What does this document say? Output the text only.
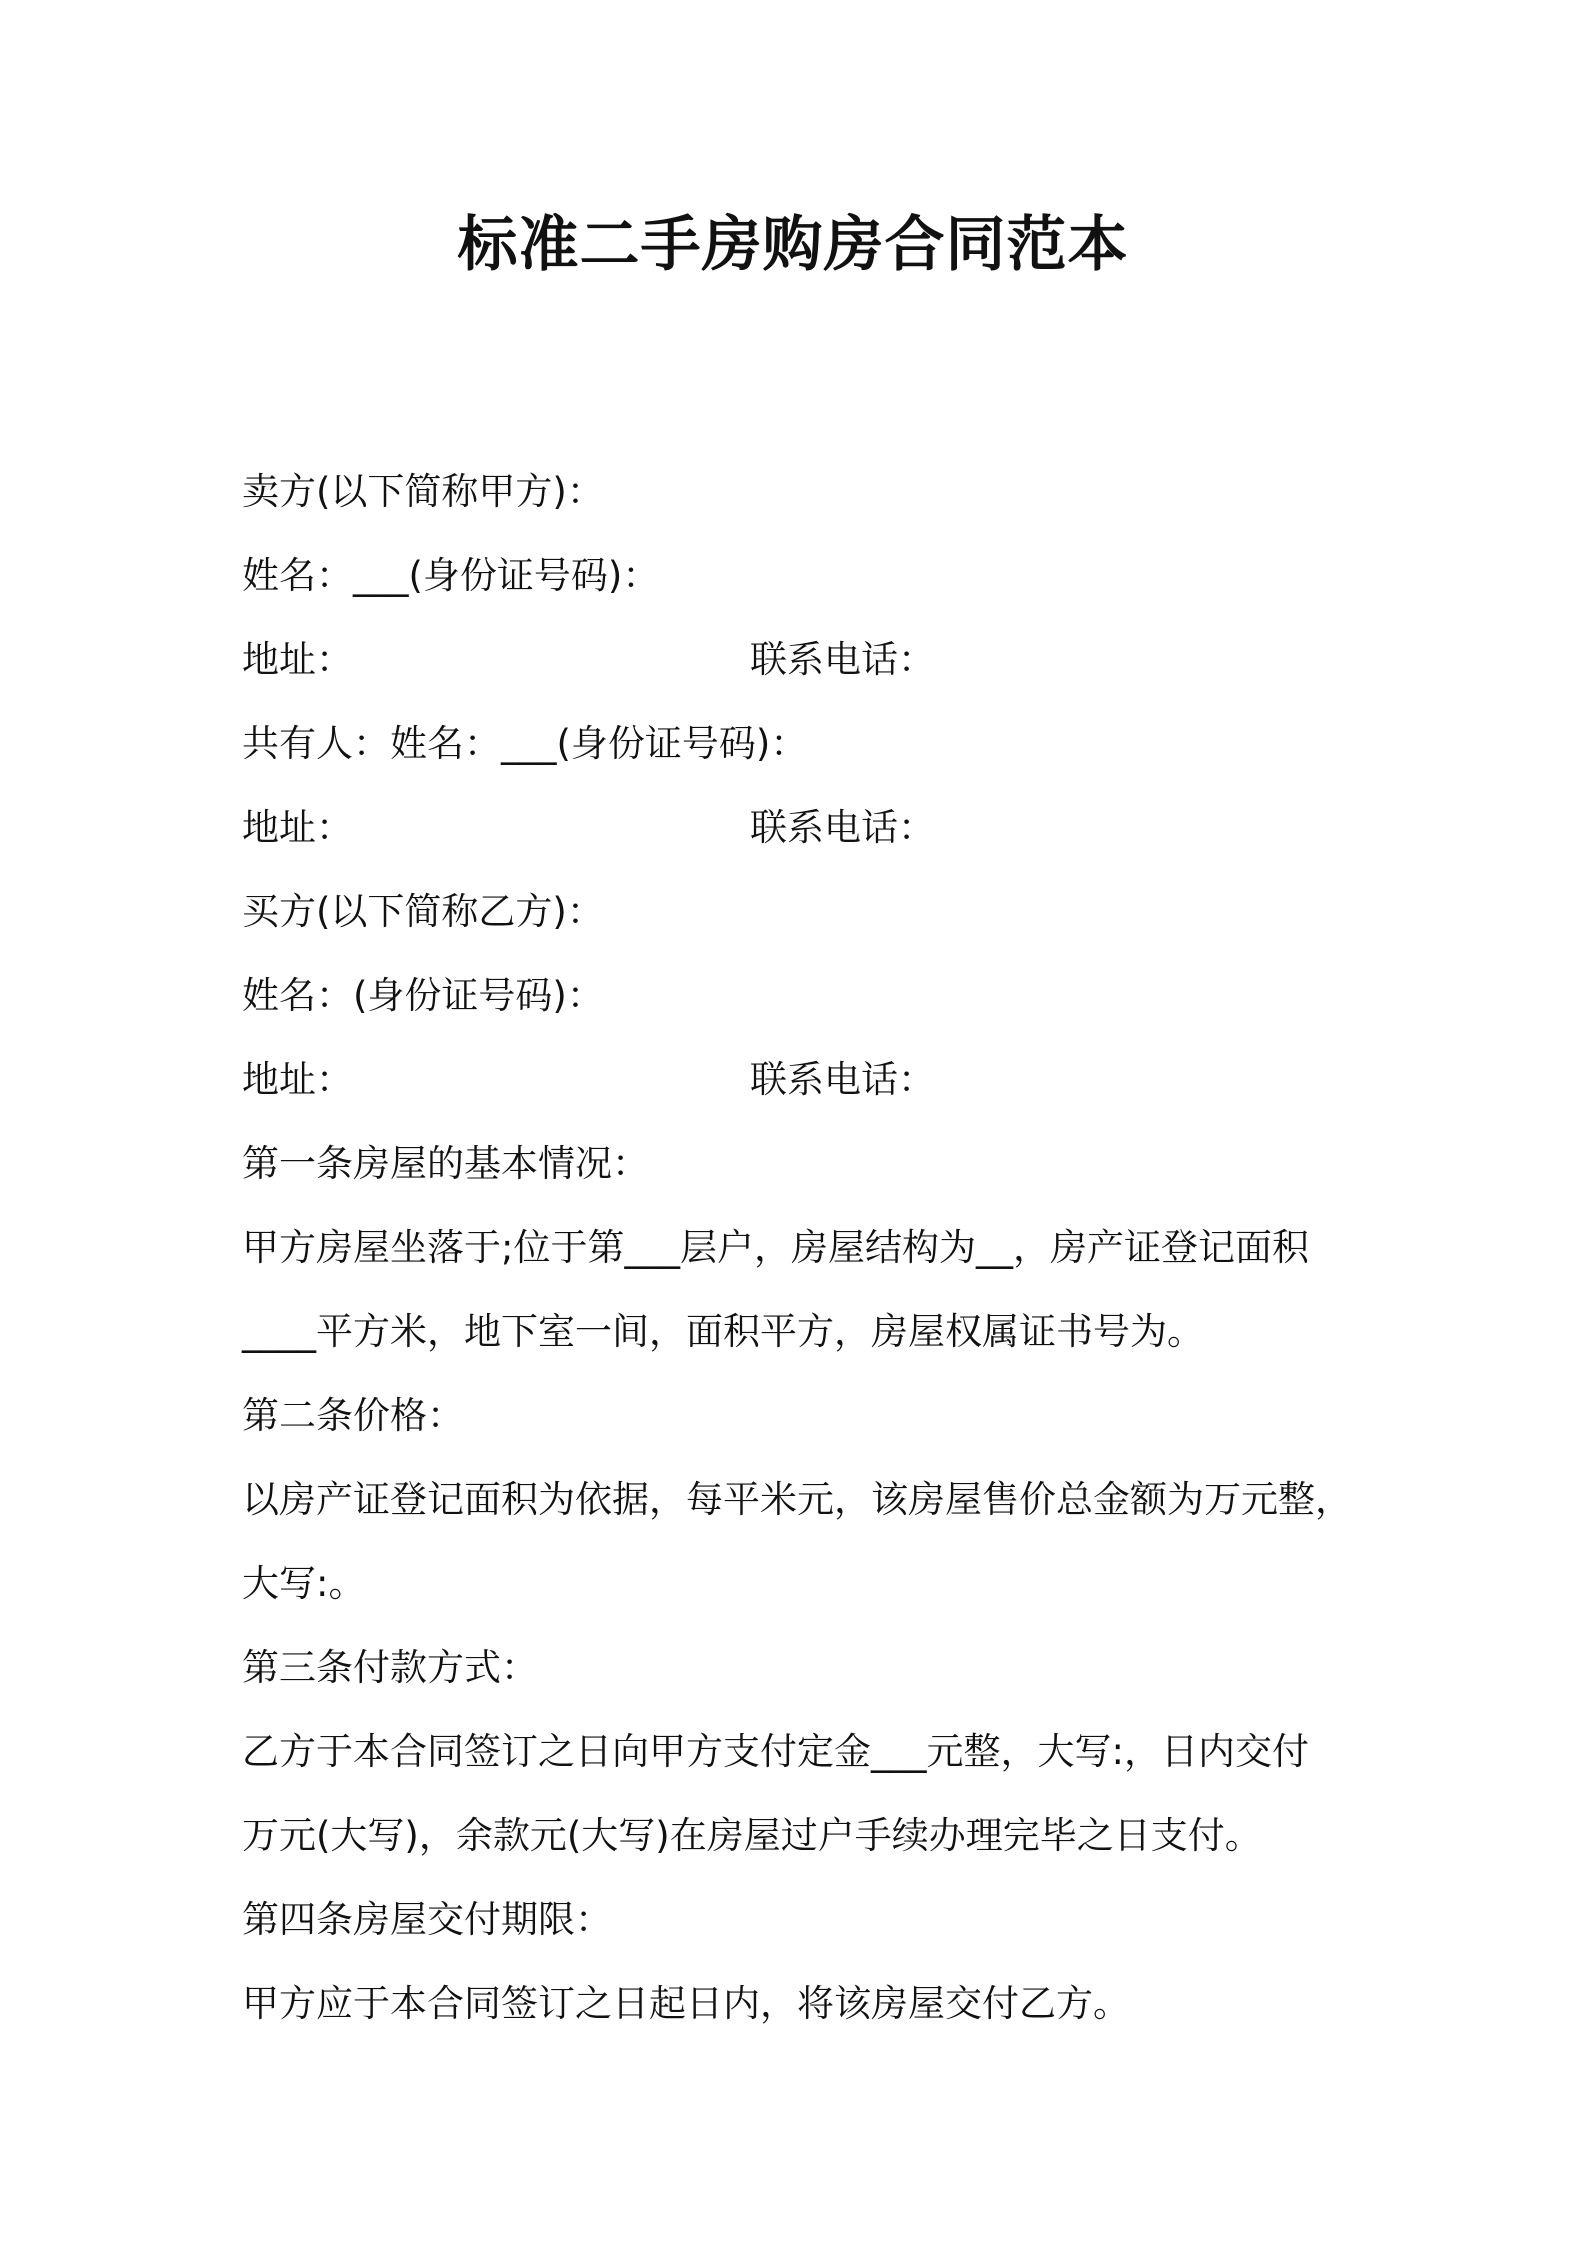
标准二手房购房合同范本
卖方(以下简称甲方)：
姓名：___(身份证号码)：
地址：	联系电话：
共有人：姓名：___(身份证号码)：
地址：	联系电话：
买方(以下简称乙方)：
姓名：(身份证号码)：
地址：	联系电话：
第一条房屋的基本情况：
甲方房屋坐落于;位于第___层户，房屋结构为__，房产证登记面积
____平方米，地下室一间，面积平方，房屋权属证书号为。
第二条价格：
以房产证登记面积为依据，每平米元，该房屋售价总金额为万元整，
大写:。
第三条付款方式：
乙方于本合同签订之日向甲方支付定金___元整，大写:，日内交付
万元(大写)，余款元(大写)在房屋过户手续办理完毕之日支付。
第四条房屋交付期限：
甲方应于本合同签订之日起日内，将该房屋交付乙方。
